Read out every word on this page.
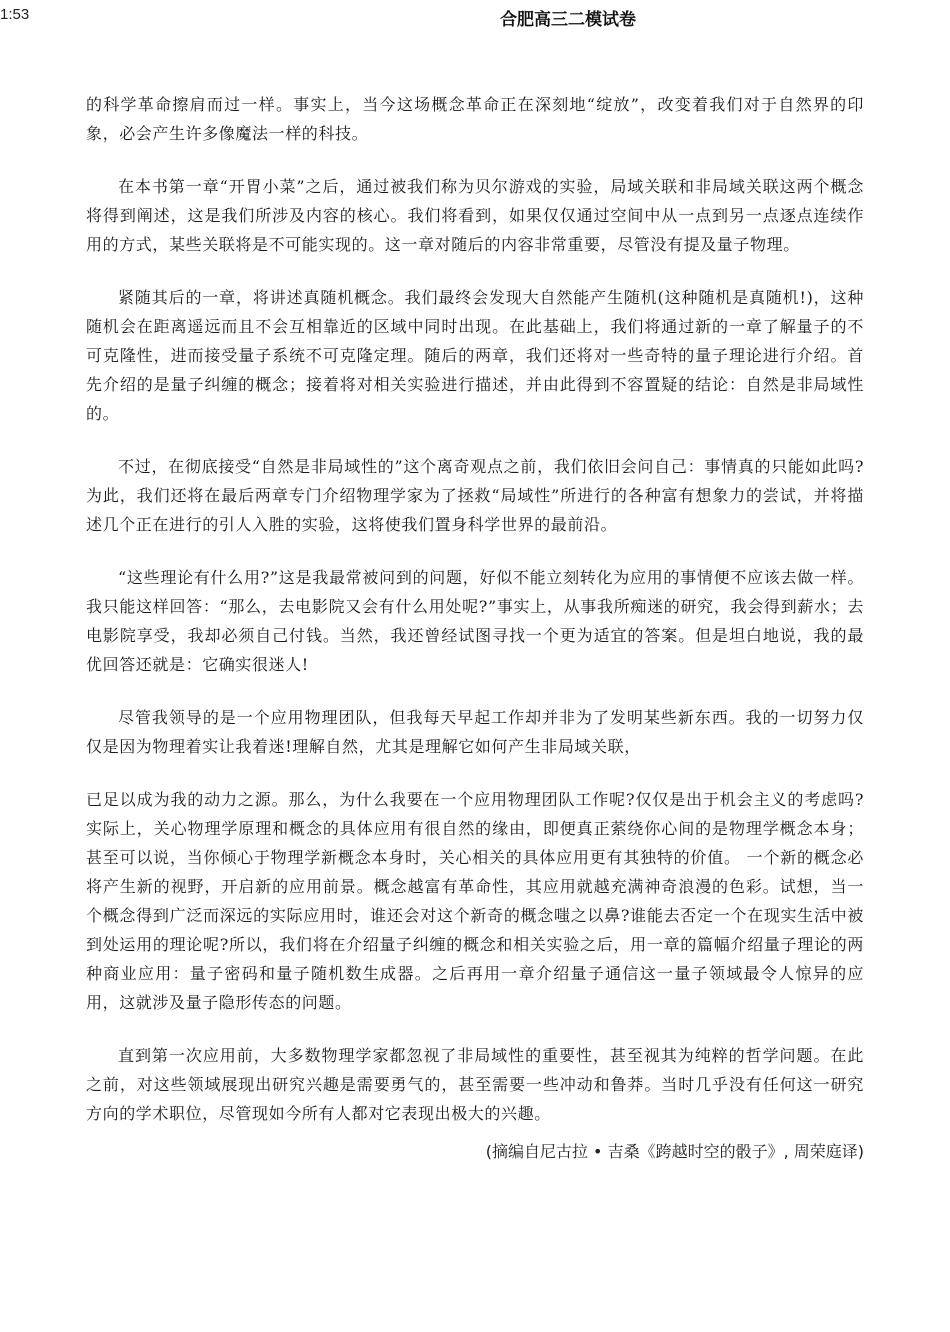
1:53	合肥高三二模试卷

的科学革命擦肩而过一样。事实上，当今这场概念革命正在深刻地“绽放”，改变着我们对于自然界的印象，必会产生许多像魔法一样的科技。

在本书第一章“开胃小菜”之后，通过被我们称为贝尔游戏的实验，局域关联和非局域关联这两个概念将得到阐述，这是我们所涉及内容的核心。我们将看到，如果仅仅通过空间中从一点到另一点逐点连续作用的方式，某些关联将是不可能实现的。这一章对随后的内容非常重要，尽管没有提及量子物理。

紧随其后的一章，将讲述真随机概念。我们最终会发现大自然能产生随机(这种随机是真随机!)，这种随机会在距离遥远而且不会互相靠近的区域中同时出现。在此基础上，我们将通过新的一章了解量子的不可克隆性，进而接受量子系统不可克隆定理。随后的两章，我们还将对一些奇特的量子理论进行介绍。首先介绍的是量子纠缠的概念；接着将对相关实验进行描述，并由此得到不容置疑的结论：自然是非局域性的。

不过，在彻底接受“自然是非局域性的”这个离奇观点之前，我们依旧会问自己：事情真的只能如此吗?为此，我们还将在最后两章专门介绍物理学家为了拯救“局域性”所进行的各种富有想象力的尝试，并将描述几个正在进行的引人入胜的实验，这将使我们置身科学世界的最前沿。

“这些理论有什么用?”这是我最常被问到的问题，好似不能立刻转化为应用的事情便不应该去做一样。我只能这样回答：“那么，去电影院又会有什么用处呢?”事实上，从事我所痴迷的研究，我会得到薪水；去电影院享受，我却必须自己付钱。当然，我还曾经试图寻找一个更为适宜的答案。但是坦白地说，我的最优回答还就是：它确实很迷人!

尽管我领导的是一个应用物理团队，但我每天早起工作却并非为了发明某些新东西。我的一切努力仅仅是因为物理着实让我着迷!理解自然，尤其是理解它如何产生非局域关联，

已足以成为我的动力之源。那么，为什么我要在一个应用物理团队工作呢?仅仅是出于机会主义的考虑吗?实际上，关心物理学原理和概念的具体应用有很自然的缘由，即便真正萦绕你心间的是物理学概念本身；甚至可以说，当你倾心于物理学新概念本身时，关心相关的具体应用更有其独特的价值。 一个新的概念必将产生新的视野，开启新的应用前景。概念越富有革命性，其应用就越充满神奇浪漫的色彩。试想，当一个概念得到广泛而深远的实际应用时，谁还会对这个新奇的概念嗤之以鼻?谁能去否定一个在现实生活中被到处运用的理论呢?所以，我们将在介绍量子纠缠的概念和相关实验之后，用一章的篇幅介绍量子理论的两种商业应用：量子密码和量子随机数生成器。之后再用一章介绍量子通信这一量子领域最令人惊异的应用，这就涉及量子隐形传态的问题。

直到第一次应用前，大多数物理学家都忽视了非局域性的重要性，甚至视其为纯粹的哲学问题。在此之前，对这些领域展现出研究兴趣是需要勇气的，甚至需要一些冲动和鲁莽。当时几乎没有任何这一研究方向的学术职位，尽管现如今所有人都对它表现出极大的兴趣。

(摘编自尼古拉 • 吉桑《跨越时空的骰子》, 周荣庭译)
